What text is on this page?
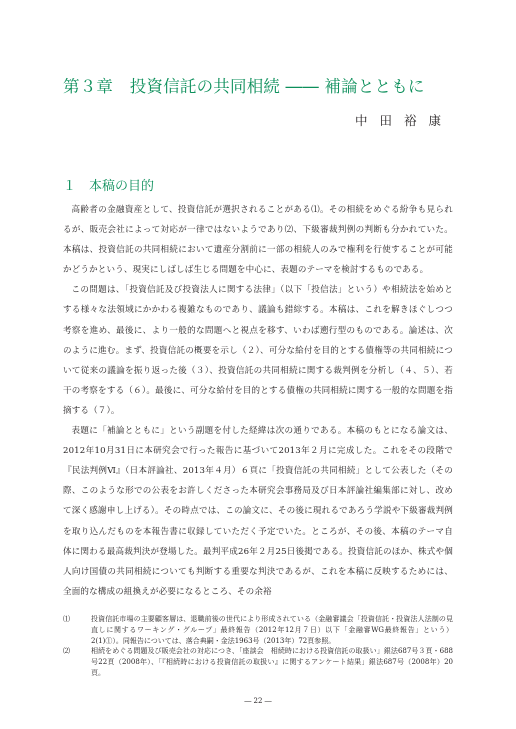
第３章　投資信託の共同相続 ―― 補論とともに
中田裕康
１ 本稿の目的

高齢者の金融資産として、投資信託が選択されることがある⑴。その相続をめぐる紛争も見られるが、販売会社によって対応が一律ではないようであり⑵、下級審裁判例の判断も分かれていた。本稿は、投資信託の共同相続において遺産分割前に一部の相続人のみで権利を行使することが可能かどうかという、現実にしばしば生じる問題を中心に、表題のテーマを検討するものである。

この問題は、「投資信託及び投資法人に関する法律」（以下「投信法」という）や相続法を始めとする様々な法領域にかかわる複雑なものであり、議論も錯綜する。本稿は、これを解きほぐしつつ考察を進め、最後に、より一般的な問題へと視点を移す、いわば遡行型のものである。論述は、次のように進む。まず、投資信託の概要を示し（２）、可分な給付を目的とする債権等の共同相続について従来の議論を振り返った後（３）、投資信託の共同相続に関する裁判例を分析し（４、５）、若干の考察をする（６）。最後に、可分な給付を目的とする債権の共同相続に関する一般的な問題を指摘する（７）。

表題に「補論とともに」という副題を付した経緯は次の通りである。本稿のもとになる論文は、2012年10月31日に本研究会で行った報告に基づいて2013年２月に完成した。これをその段階で『民法判例Ⅵ』（日本評論社、2013年４月）６頁に「投資信託の共同相続」として公表した（その際、このような形での公表をお許しくださった本研究会事務局及び日本評論社編集部に対し、改めて深く感謝申し上げる）。その時点では、この論文に、その後に現れるであろう学説や下級審裁判例を取り込んだものを本報告書に収録していただく予定でいた。ところが、その後、本稿のテーマ自体に関わる最高裁判決が登場した。最判平成26年２月25日後掲である。投資信託のほか、株式や個人向け国債の共同相続についても判断する重要な判決であるが、これを本稿に反映するためには、全面的な構成の組換えが必要になるところ、その余裕

⑴	投資信託市場の主要顧客層は、退職前後の世代により形成されている（金融審議会「投資信託・投資法人法制の見直しに関するワーキング・グループ」最終報告（2012年12月７日）以下「金融審WG最終報告」という）2(1)①）。同報告については、落合典嗣・金法1963号（2013年）72頁参照。
⑵	相続をめぐる問題及び販売会社の対応につき、「座談会　相続時における投資信託の取扱い」銀法687号３頁・688号22頁（2008年）、「『相続時における投資信託の取扱い』に関するアンケート結果」銀法687号（2008年）20頁。
― 22 ―
